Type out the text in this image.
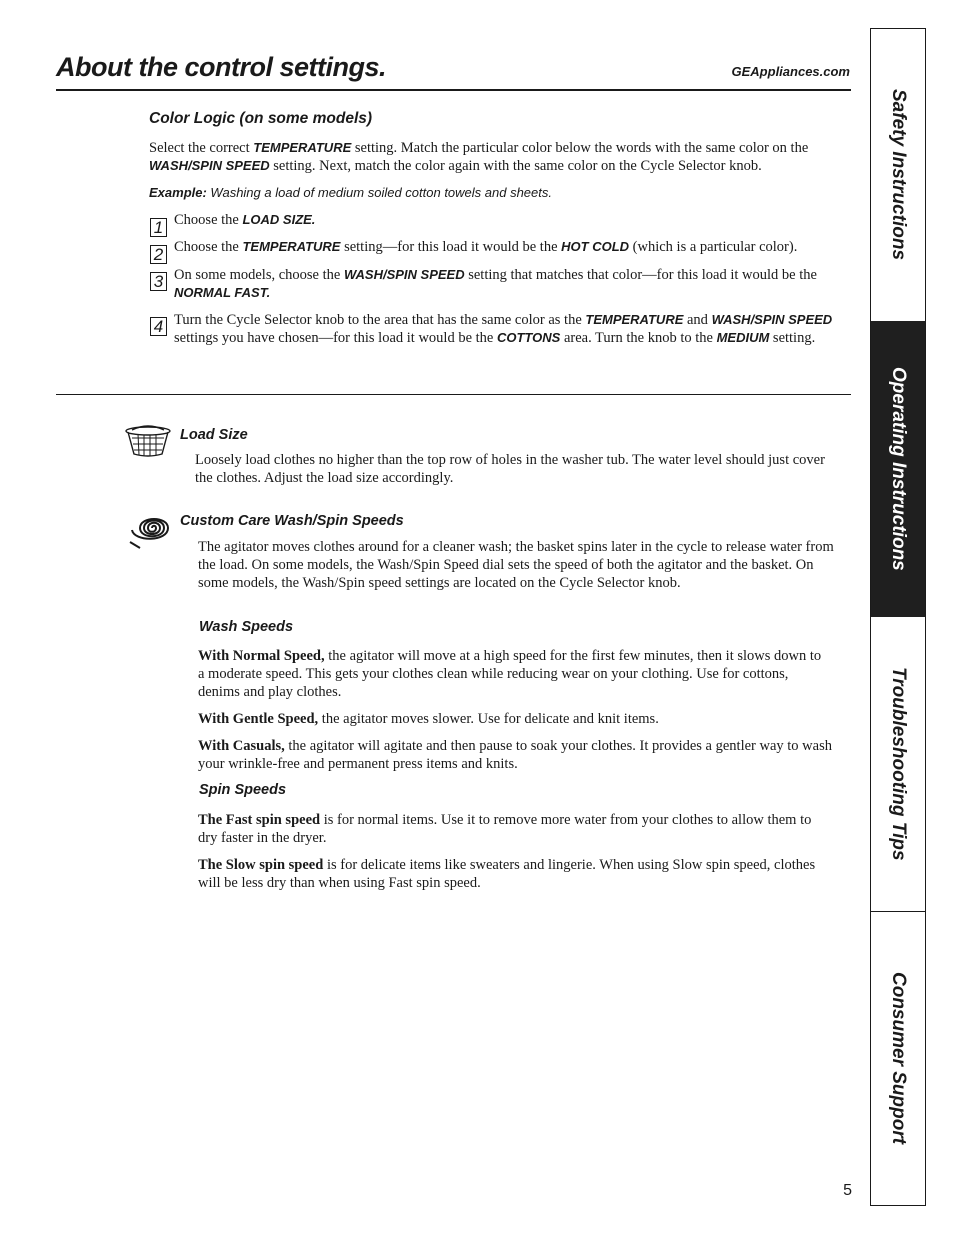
About the control settings.	GEAppliances.com
Color Logic (on some models)
Select the correct TEMPERATURE setting. Match the particular color below the words with the same color on the WASH/SPIN SPEED setting. Next, match the color again with the same color on the Cycle Selector knob.
Example: Washing a load of medium soiled cotton towels and sheets.
1 Choose the LOAD SIZE.
2 Choose the TEMPERATURE setting—for this load it would be the HOT COLD (which is a particular color).
3 On some models, choose the WASH/SPIN SPEED setting that matches that color—for this load it would be the NORMAL FAST.
4 Turn the Cycle Selector knob to the area that has the same color as the TEMPERATURE and WASH/SPIN SPEED settings you have chosen—for this load it would be the COTTONS area. Turn the knob to the MEDIUM setting.
Load Size
Loosely load clothes no higher than the top row of holes in the washer tub. The water level should just cover the clothes. Adjust the load size accordingly.
Custom Care Wash/Spin Speeds
The agitator moves clothes around for a cleaner wash; the basket spins later in the cycle to release water from the load. On some models, the Wash/Spin Speed dial sets the speed of both the agitator and the basket. On some models, the Wash/Spin speed settings are located on the Cycle Selector knob.
Wash Speeds
With Normal Speed, the agitator will move at a high speed for the first few minutes, then it slows down to a moderate speed. This gets your clothes clean while reducing wear on your clothing. Use for cottons, denims and play clothes.
With Gentle Speed, the agitator moves slower. Use for delicate and knit items.
With Casuals, the agitator will agitate and then pause to soak your clothes. It provides a gentler way to wash your wrinkle-free and permanent press items and knits.
Spin Speeds
The Fast spin speed is for normal items. Use it to remove more water from your clothes to allow them to dry faster in the dryer.
The Slow spin speed is for delicate items like sweaters and lingerie. When using Slow spin speed, clothes will be less dry than when using Fast spin speed.
Safety Instructions
Operating Instructions
Troubleshooting Tips
Consumer Support
5
